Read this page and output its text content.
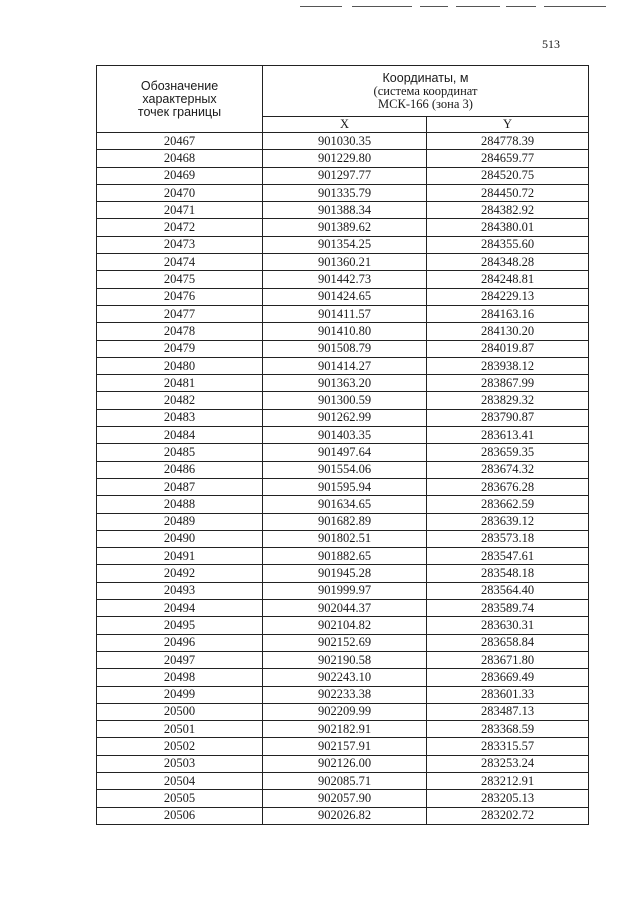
513
Обозначение
характерных
точек границы	Координаты, м
(система координат
МСК-166 (зона 3)	

	X	Y
20467	901030.35	284778.39
20468	901229.80	284659.77
20469	901297.77	284520.75
20470	901335.79	284450.72
20471	901388.34	284382.92
20472	901389.62	284380.01
20473	901354.25	284355.60
20474	901360.21	284348.28
20475	901442.73	284248.81
20476	901424.65	284229.13
20477	901411.57	284163.16
20478	901410.80	284130.20
20479	901508.79	284019.87
20480	901414.27	283938.12
20481	901363.20	283867.99
20482	901300.59	283829.32
20483	901262.99	283790.87
20484	901403.35	283613.41
20485	901497.64	283659.35
20486	901554.06	283674.32
20487	901595.94	283676.28
20488	901634.65	283662.59
20489	901682.89	283639.12
20490	901802.51	283573.18
20491	901882.65	283547.61
20492	901945.28	283548.18
20493	901999.97	283564.40
20494	902044.37	283589.74
20495	902104.82	283630.31
20496	902152.69	283658.84
20497	902190.58	283671.80
20498	902243.10	283669.49
20499	902233.38	283601.33
20500	902209.99	283487.13
20501	902182.91	283368.59
20502	902157.91	283315.57
20503	902126.00	283253.24
20504	902085.71	283212.91
20505	902057.90	283205.13
20506	902026.82	283202.72
